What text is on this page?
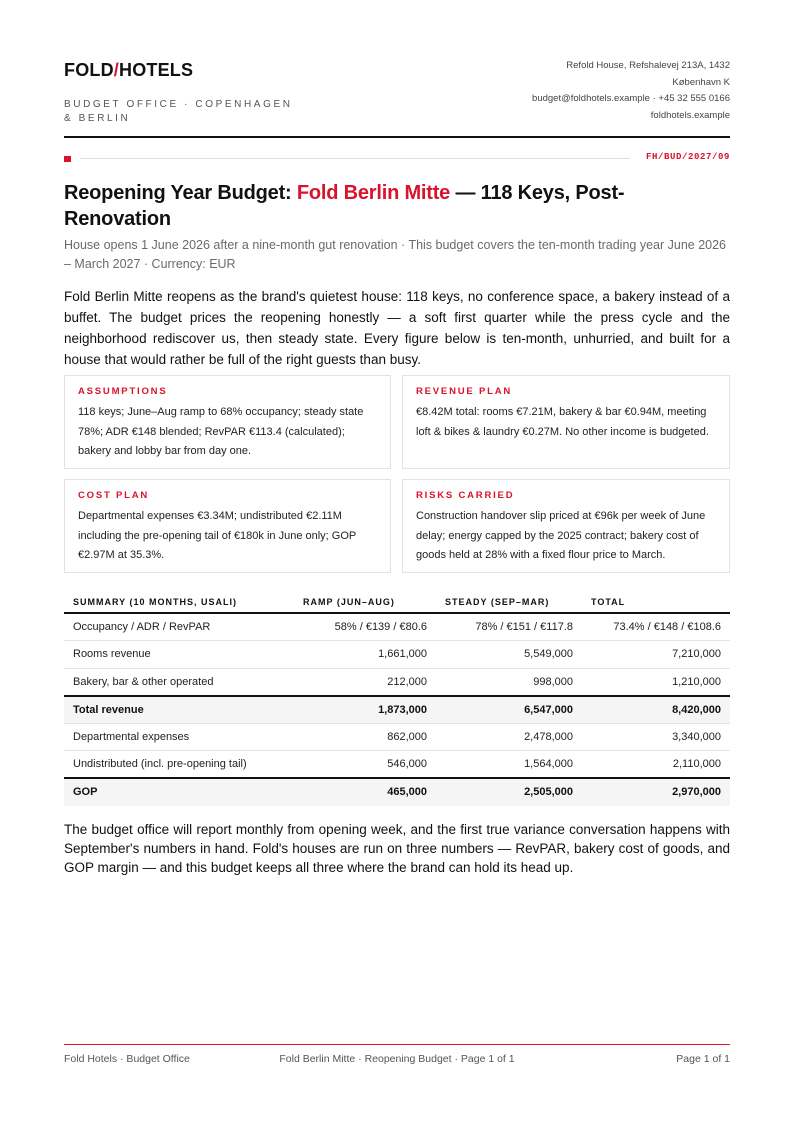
FOLD/HOTELS
BUDGET OFFICE · COPENHAGEN & BERLIN
Refold House, Refshalevej 213A, 1432
København K
budget@foldhotels.example · +45 32 555 0166
foldhotels.example
FH/BUD/2027/09
Reopening Year Budget: Fold Berlin Mitte — 118 Keys, Post-Renovation
House opens 1 June 2026 after a nine-month gut renovation · This budget covers the ten-month trading year June 2026 – March 2027 · Currency: EUR

Fold Berlin Mitte reopens as the brand's quietest house: 118 keys, no conference space, a bakery instead of a buffet. The budget prices the reopening honestly — a soft first quarter while the press cycle and the neighborhood rediscover us, then steady state. Every figure below is ten-month, unhurried, and built for a house that would rather be full of the right guests than busy.

ASSUMPTIONS
118 keys; June–Aug ramp to 68% occupancy; steady state 78%; ADR €148 blended; RevPAR €113.4 (calculated); bakery and lobby bar from day one.
REVENUE PLAN
€8.42M total: rooms €7.21M, bakery & bar €0.94M, meeting loft & bikes & laundry €0.27M. No other income is budgeted.
COST PLAN
Departmental expenses €3.34M; undistributed €2.11M including the pre-opening tail of €180k in June only; GOP €2.97M at 35.3%.
RISKS CARRIED
Construction handover slip priced at €96k per week of June delay; energy capped by the 2025 contract; bakery cost of goods held at 28% with a fixed flour price to March.
SUMMARY (10 MONTHS, USALI)	RAMP (JUN–AUG)	STEADY (SEP–MAR)	TOTAL
Occupancy / ADR / RevPAR	58% / €139 / €80.6	78% / €151 / €117.8	73.4% / €148 / €108.6
Rooms revenue	1,661,000	5,549,000	7,210,000
Bakery, bar & other operated	212,000	998,000	1,210,000
Total revenue	1,873,000	6,547,000	8,420,000
Departmental expenses	862,000	2,478,000	3,340,000
Undistributed (incl. pre-opening tail)	546,000	1,564,000	2,110,000
GOP	465,000	2,505,000	2,970,000

The budget office will report monthly from opening week, and the first true variance conversation happens with September's numbers in hand. Fold's houses are run on three numbers — RevPAR, bakery cost of goods, and GOP margin — and this budget keeps all three where the brand can hold its head up.

Fold Hotels · Budget Office	Fold Berlin Mitte · Reopening Budget · Page 1 of 1	Page 1 of 1
